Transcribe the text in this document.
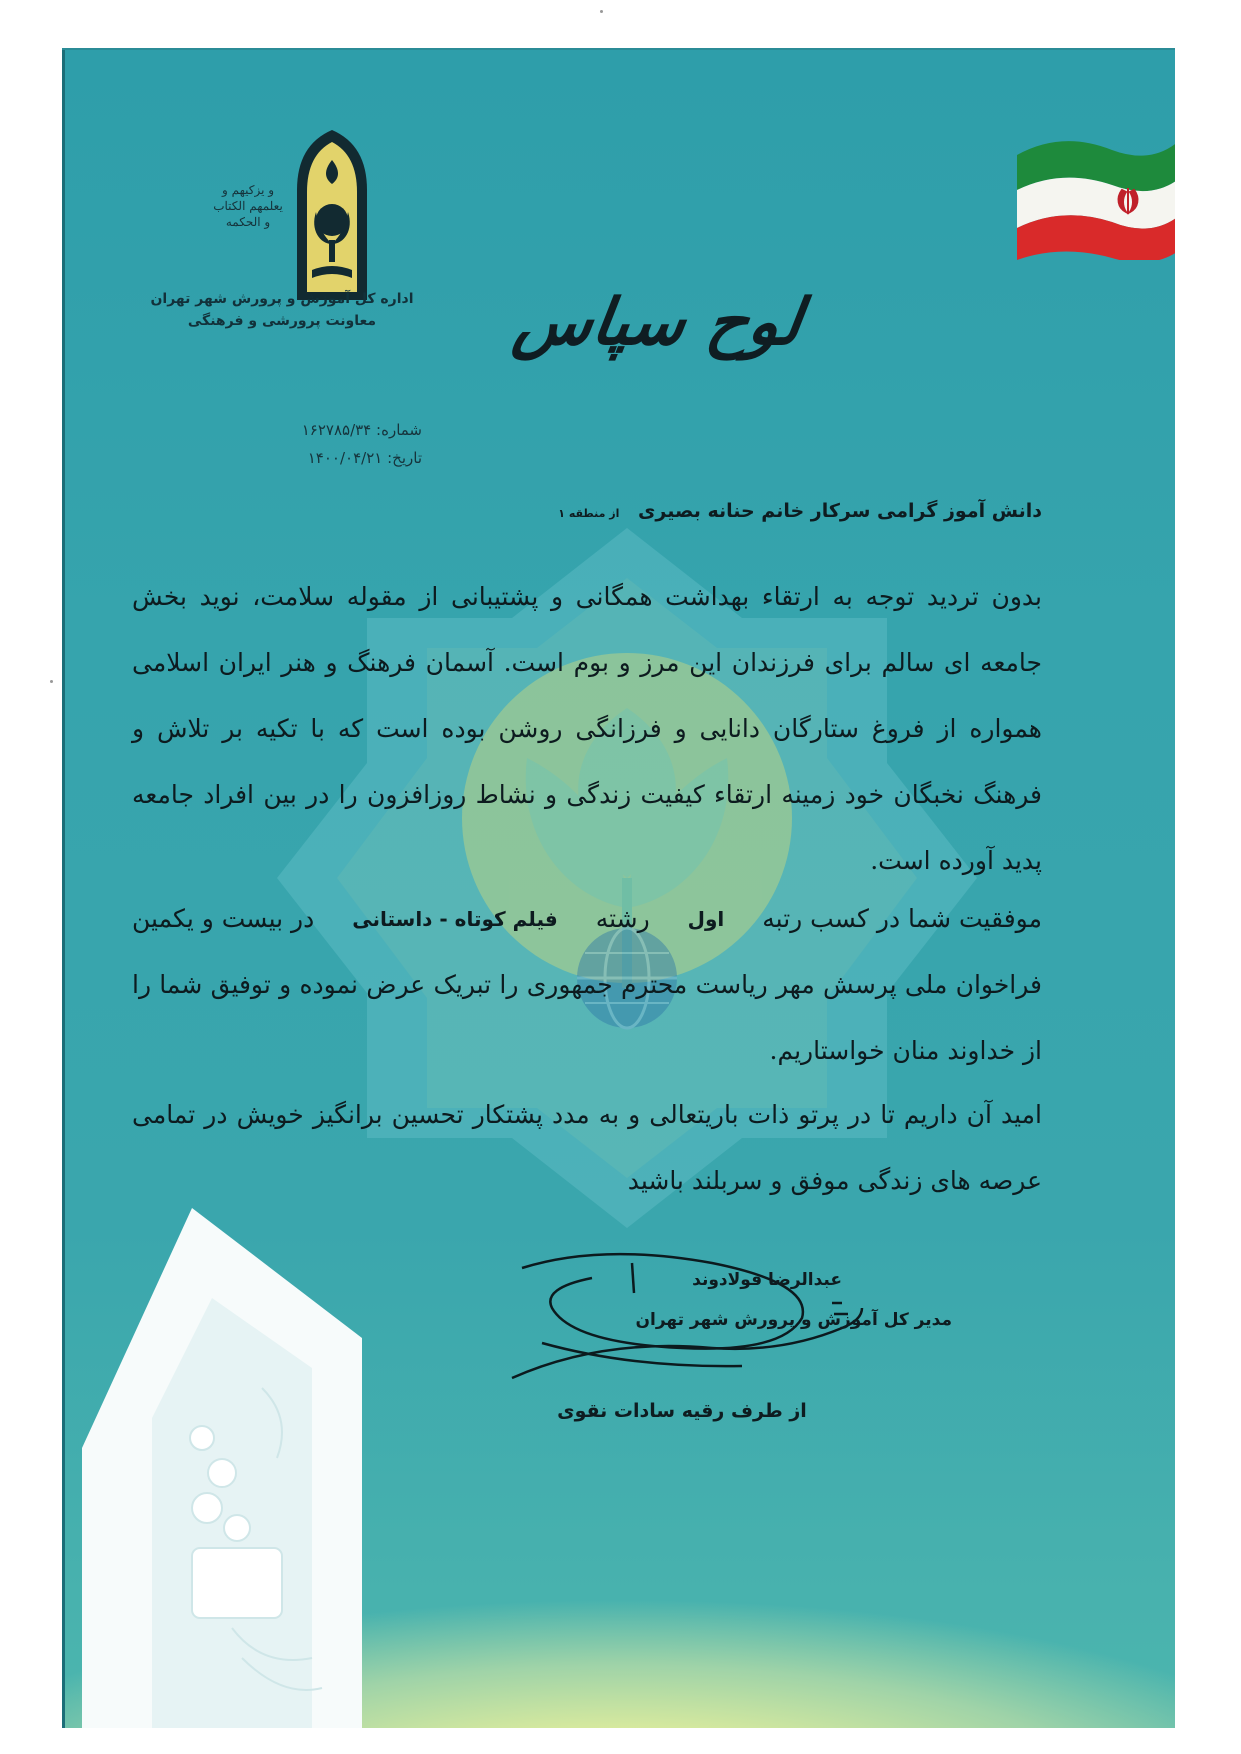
و یزکیهم و یعلمهم الکتاب و الحکمه
اداره کل آموزش و پرورش شهر تهران
معاونت پرورشی و فرهنگی	لوح سپاس
شماره: ۱۶۲۷۸۵/۳۴
تاریخ: ۱۴۰۰/۰۴/۲۱
دانش آموز گرامی سرکار خانم حنانه بصیری از منطقه ۱
بدون تردید توجه به ارتقاء بهداشت همگانی و پشتیبانی از مقوله سلامت، نوید بخش جامعه ای سالم برای فرزندان این مرز و بوم است. آسمان فرهنگ و هنر ایران اسلامی همواره از فروغ ستارگان دانایی و فرزانگی روشن بوده است که با تکیه بر تلاش و فرهنگ نخبگان خود زمینه ارتقاء کیفیت زندگی و نشاط روزافزون را در بین افراد جامعه پدید آورده است.
موفقیت شما در کسب رتبه
اول
رشته
فیلم کوتاه - داستانی
در بیست و یکمین
فراخوان ملی پرسش مهر ریاست محترم جمهوری را تبریک عرض نموده و توفیق شما را از خداوند منان خواستاریم.
امید آن داریم تا در پرتو ذات باریتعالی و به مدد پشتکار تحسین برانگیز خویش در تمامی عرصه های زندگی موفق و سربلند باشید
عبدالرضا فولادوند
مدیر کل آموزش و پرورش شهر تهران
از طرف رقیه سادات نقوی
